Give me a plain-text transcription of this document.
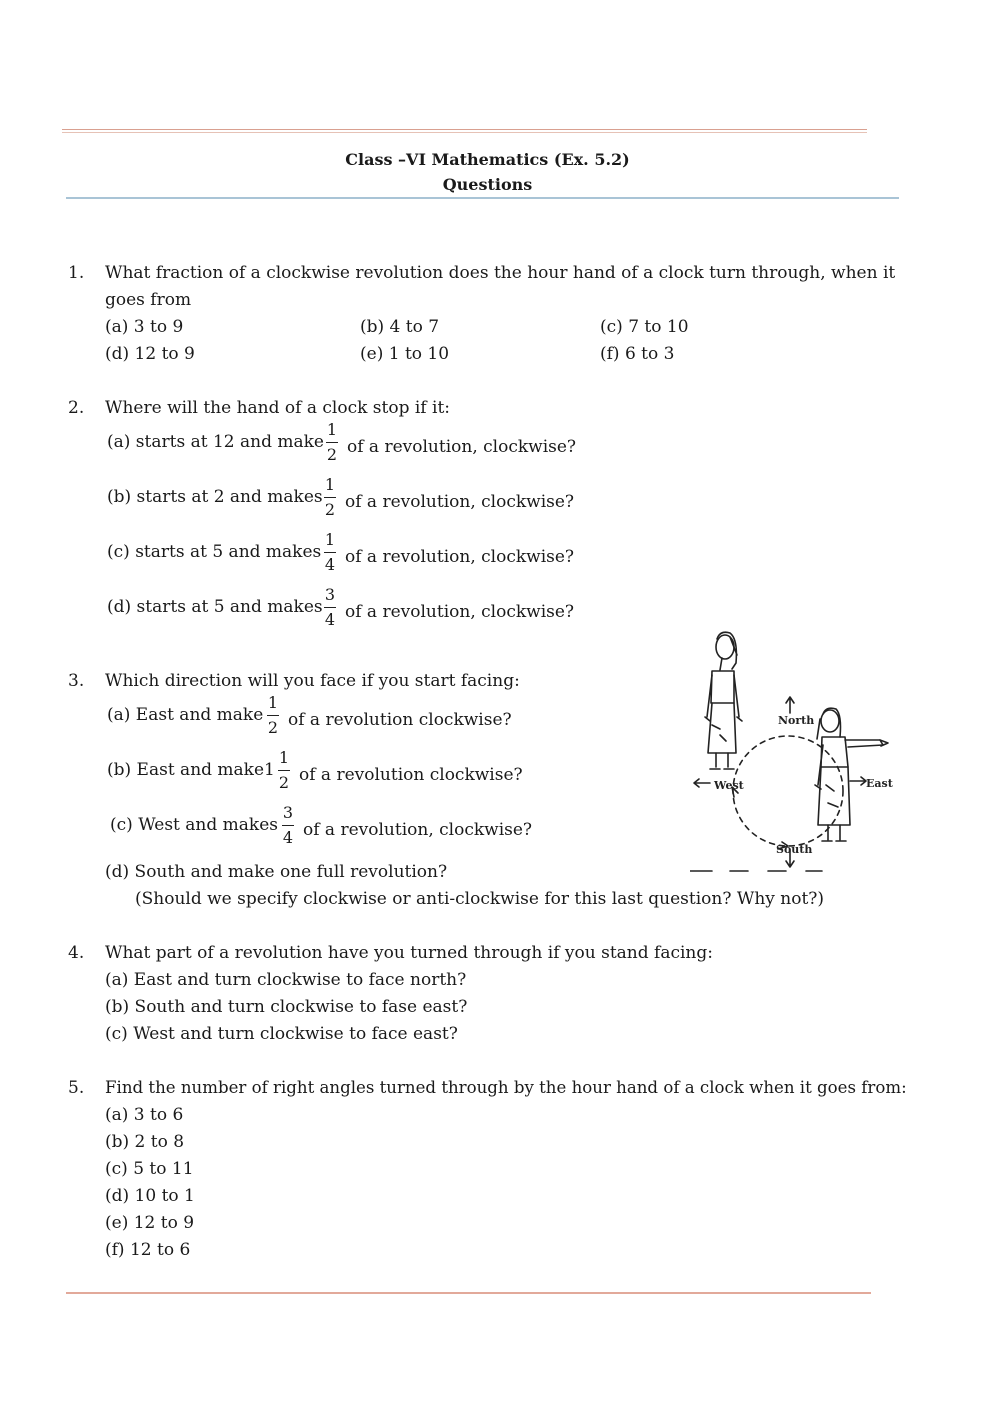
Class –VI Mathematics (Ex. 5.2)
Questions
1. What fraction of a clockwise revolution does the hour hand of a clock turn through, when it
goes from
(a) 3 to 9	(b) 4 to 7	(c) 7 to 10
(d) 12 to 9	(e) 1 to 10	(f) 6 to 3
2. Where will the hand of a clock stop if it:
(a) starts at 12 and make
1
2 of a revolution, clockwise?
(b) starts at 2 and makes
1
2 of a revolution, clockwise?
(c) starts at 5 and makes
1
4 of a revolution, clockwise?
(d) starts at 5 and makes
3
4 of a revolution, clockwise?
3. Which direction will you face if you start facing:
(a) East and make
1
2 of a revolution clockwise?
(b) East and make 1
1
2 of a revolution clockwise?
(c) West and makes
3
4 of a revolution, clockwise?
(d) South and make one full revolution?
(Should we specify clockwise or anti-clockwise for this last question? Why not?)
North
East
West
South
4. What part of a revolution have you turned through if you stand facing:
(a) East and turn clockwise to face north?
(b) South and turn clockwise to fase east?
(c) West and turn clockwise to face east?
5. Find the number of right angles turned through by the hour hand of a clock when it goes from:
(a) 3 to 6
(b) 2 to 8
(c) 5 to 11
(d) 10 to 1
(e) 12 to 9
(f) 12 to 6
